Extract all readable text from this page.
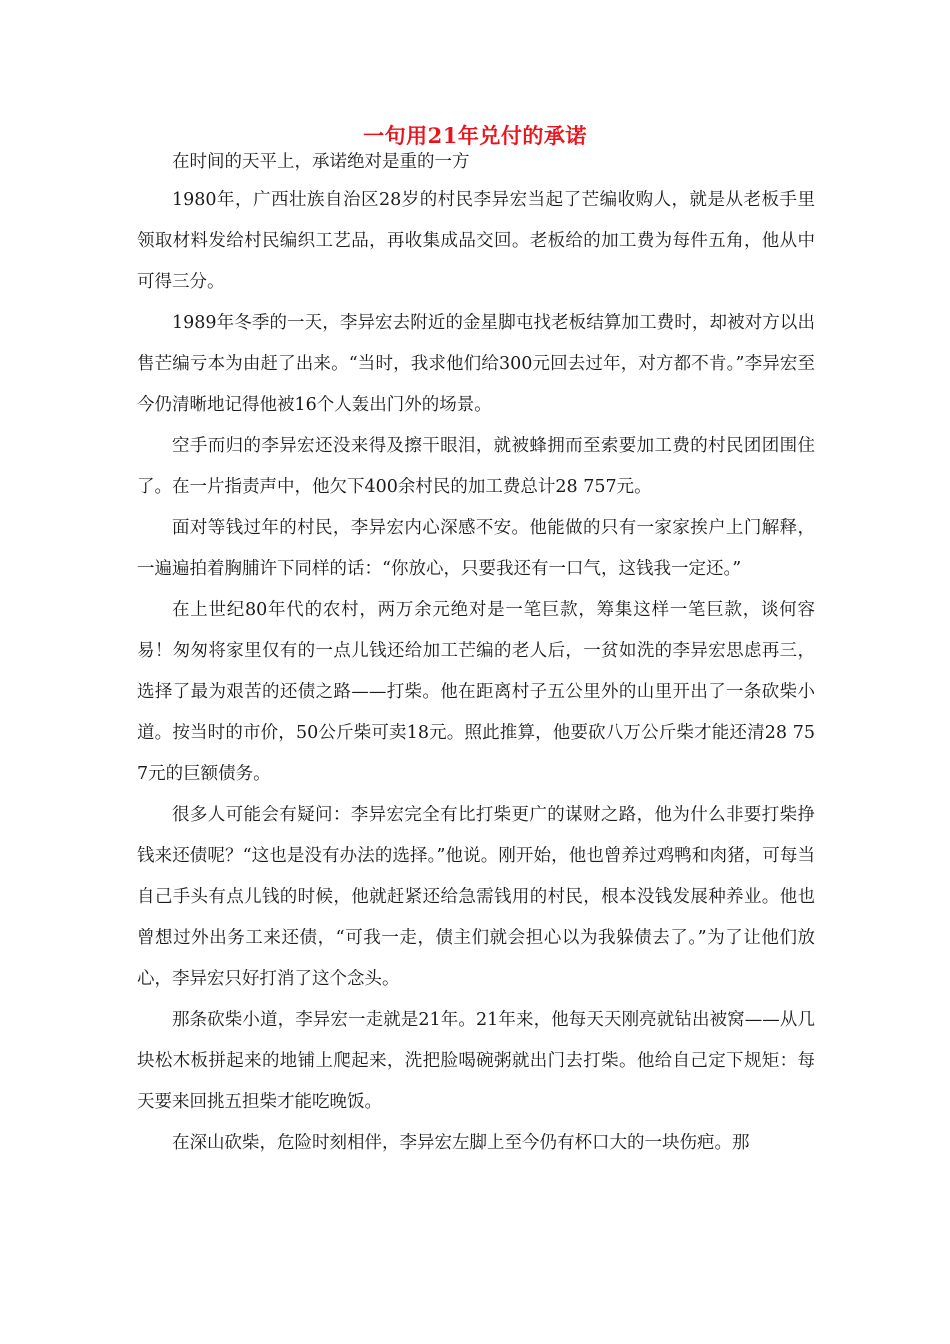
一句用21年兑付的承诺
在时间的天平上，承诺绝对是重的一方

1980年，广西壮族自治区28岁的村民李异宏当起了芒编收购人，就是从老板手里领取材料发给村民编织工艺品，再收集成品交回。老板给的加工费为每件五角，他从中可得三分。

1989年冬季的一天，李异宏去附近的金星脚屯找老板结算加工费时，却被对方以出售芒编亏本为由赶了出来。“当时，我求他们给300元回去过年，对方都不肯。”李异宏至今仍清晰地记得他被16个人轰出门外的场景。

空手而归的李异宏还没来得及擦干眼泪，就被蜂拥而至索要加工费的村民团团围住了。在一片指责声中，他欠下400余村民的加工费总计28 757元。

面对等钱过年的村民，李异宏内心深感不安。他能做的只有一家家挨户上门解释，一遍遍拍着胸脯许下同样的话：“你放心，只要我还有一口气，这钱我一定还。”

在上世纪80年代的农村，两万余元绝对是一笔巨款，筹集这样一笔巨款，谈何容易！匆匆将家里仅有的一点儿钱还给加工芒编的老人后，一贫如洗的李异宏思虑再三，选择了最为艰苦的还债之路——打柴。他在距离村子五公里外的山里开出了一条砍柴小道。按当时的市价，50公斤柴可卖18元。照此推算，他要砍八万公斤柴才能还清28 757元的巨额债务。

很多人可能会有疑问：李异宏完全有比打柴更广的谋财之路，他为什么非要打柴挣钱来还债呢？“这也是没有办法的选择。”他说。刚开始，他也曾养过鸡鸭和肉猪，可每当自己手头有点儿钱的时候，他就赶紧还给急需钱用的村民，根本没钱发展种养业。他也曾想过外出务工来还债，“可我一走，债主们就会担心以为我躲债去了。”为了让他们放心，李异宏只好打消了这个念头。

那条砍柴小道，李异宏一走就是21年。21年来，他每天天刚亮就钻出被窝——从几块松木板拼起来的地铺上爬起来，洗把脸喝碗粥就出门去打柴。他给自己定下规矩：每天要来回挑五担柴才能吃晚饭。

在深山砍柴，危险时刻相伴，李异宏左脚上至今仍有杯口大的一块伤疤。那
